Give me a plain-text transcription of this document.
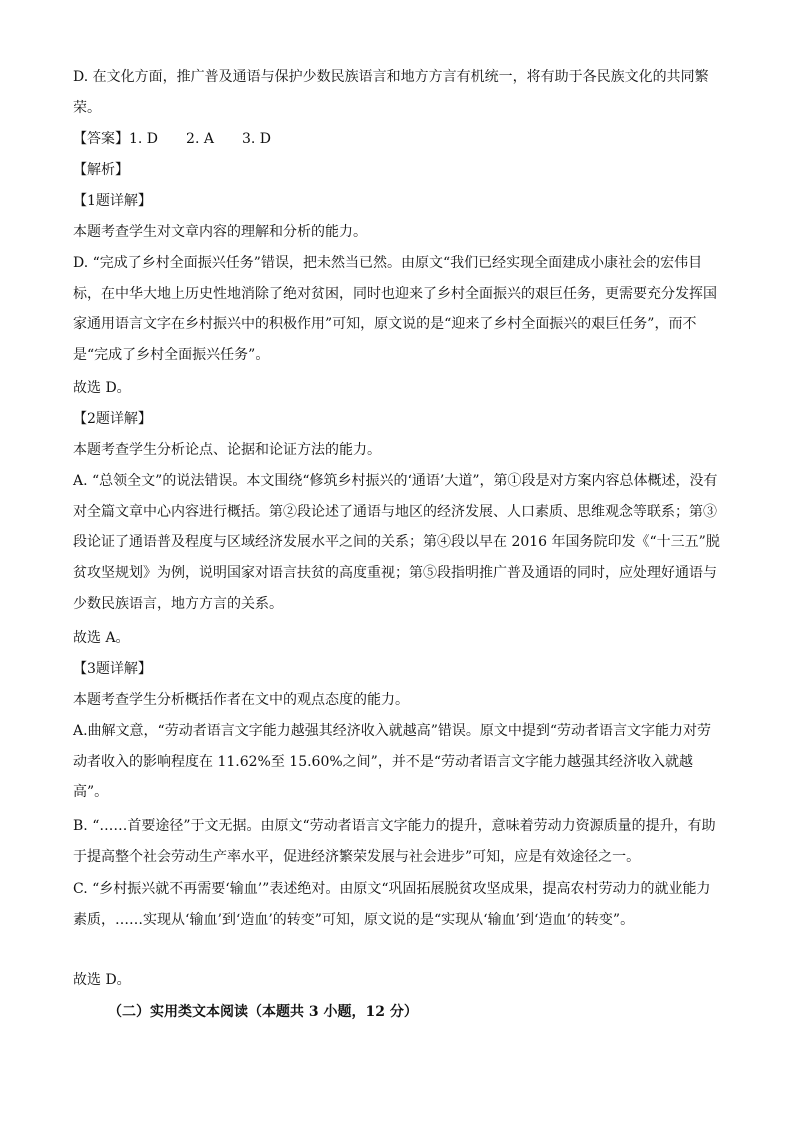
D. 在文化方面，推广普及通语与保护少数民族语言和地方方言有机统一，将有助于各民族文化的共同繁荣。
【答案】1. D 2. A 3. D
【解析】
【1题详解】
本题考查学生对文章内容的理解和分析的能力。
D. “完成了乡村全面振兴任务”错误，把未然当已然。由原文“我们已经实现全面建成小康社会的宏伟目标，在中华大地上历史性地消除了绝对贫困，同时也迎来了乡村全面振兴的艰巨任务，更需要充分发挥国家通用语言文字在乡村振兴中的积极作用”可知，原文说的是“迎来了乡村全面振兴的艰巨任务”，而不是“完成了乡村全面振兴任务”。
故选 D。
【2题详解】
本题考查学生分析论点、论据和论证方法的能力。
A. “总领全文”的说法错误。本文围绕“修筑乡村振兴的‘通语’大道”，第①段是对方案内容总体概述，没有对全篇文章中心内容进行概括。第②段论述了通语与地区的经济发展、人口素质、思维观念等联系；第③段论证了通语普及程度与区域经济发展水平之间的关系；第④段以早在 2016 年国务院印发《“十三五”脱贫攻坚规划》为例，说明国家对语言扶贫的高度重视；第⑤段指明推广普及通语的同时，应处理好通语与少数民族语言，地方方言的关系。
故选 A。
【3题详解】
本题考查学生分析概括作者在文中的观点态度的能力。
A.曲解文意，“劳动者语言文字能力越强其经济收入就越高”错误。原文中提到“劳动者语言文字能力对劳动者收入的影响程度在 11.62%至 15.60%之间”，并不是“劳动者语言文字能力越强其经济收入就越高”。
B. “……首要途径”于文无据。由原文“劳动者语言文字能力的提升，意味着劳动力资源质量的提升，有助于提高整个社会劳动生产率水平，促进经济繁荣发展与社会进步”可知，应是有效途径之一。
C. “乡村振兴就不再需要‘输血’”表述绝对。由原文“巩固拓展脱贫攻坚成果，提高农村劳动力的就业能力素质，……实现从‘输血’到‘造血’的转变”可知，原文说的是“实现从‘输血’到‘造血’的转变”。
故选 D。
（二）实用类文本阅读（本题共 3 小题，12 分）
